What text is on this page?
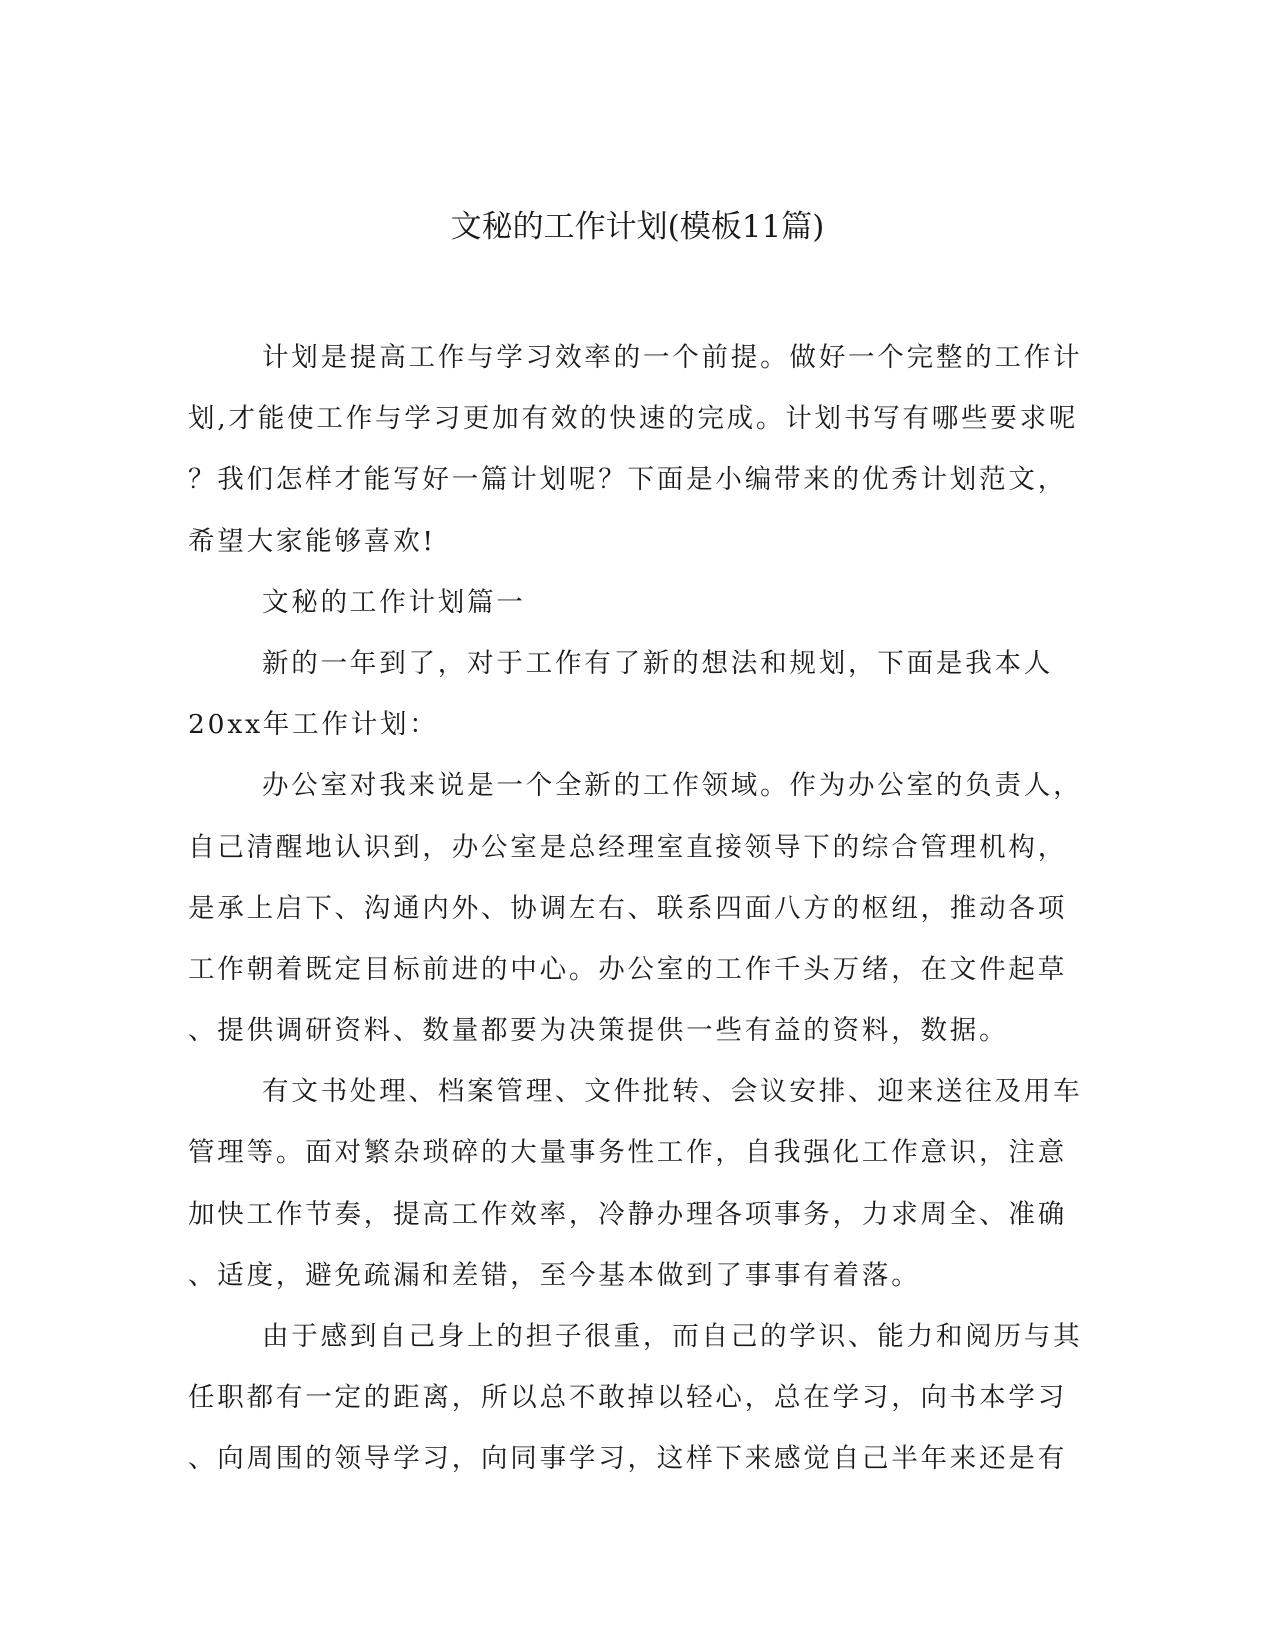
文秘的工作计划(模板11篇)
计划是提高工作与学习效率的一个前提。做好一个完整的工作计
划,才能使工作与学习更加有效的快速的完成。计划书写有哪些要求呢
？我们怎样才能写好一篇计划呢？下面是小编带来的优秀计划范文，
希望大家能够喜欢!
文秘的工作计划篇一
新的一年到了，对于工作有了新的想法和规划，下面是我本人
20xx年工作计划：
办公室对我来说是一个全新的工作领域。作为办公室的负责人，
自己清醒地认识到，办公室是总经理室直接领导下的综合管理机构，
是承上启下、沟通内外、协调左右、联系四面八方的枢纽，推动各项
工作朝着既定目标前进的中心。办公室的工作千头万绪，在文件起草
、提供调研资料、数量都要为决策提供一些有益的资料，数据。
有文书处理、档案管理、文件批转、会议安排、迎来送往及用车
管理等。面对繁杂琐碎的大量事务性工作，自我强化工作意识，注意
加快工作节奏，提高工作效率，冷静办理各项事务，力求周全、准确
、适度，避免疏漏和差错，至今基本做到了事事有着落。
由于感到自己身上的担子很重，而自己的学识、能力和阅历与其
任职都有一定的距离，所以总不敢掉以轻心，总在学习，向书本学习
、向周围的领导学习，向同事学习，这样下来感觉自己半年来还是有
